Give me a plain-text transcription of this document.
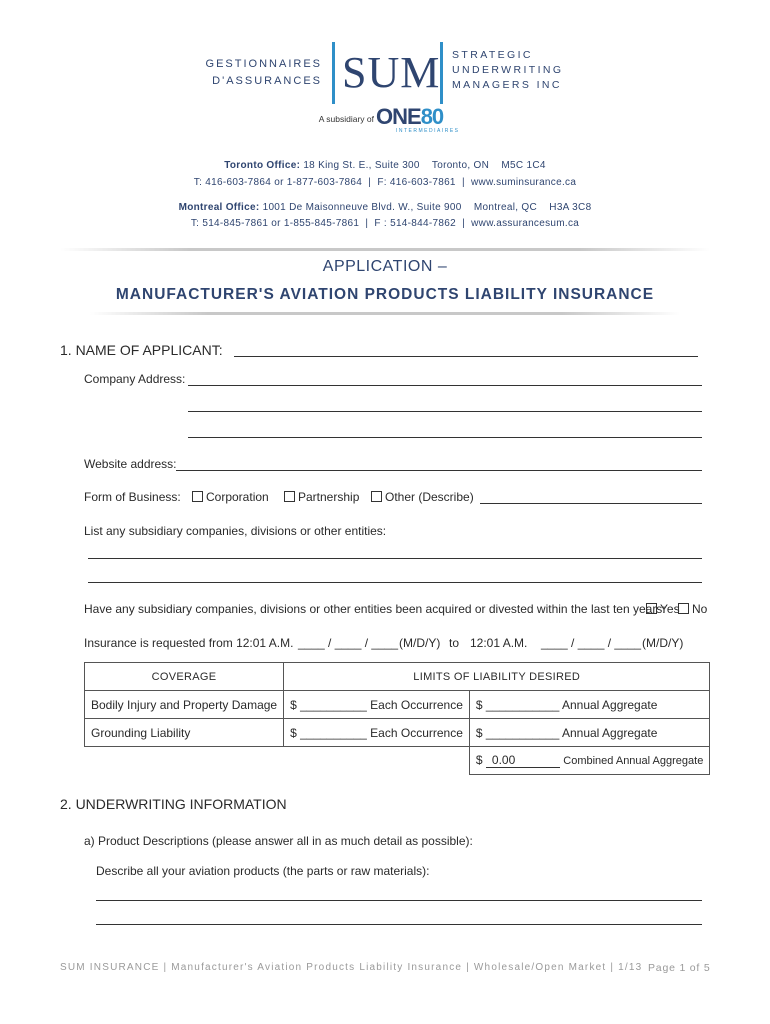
GESTIONNAIRES
D'ASSURANCES SUM STRATEGIC
UNDERWRITING
MANAGERS INC
A subsidiary of ONE80
INTERMEDIAIRES
Toronto Office: 18 King St. E., Suite 300    Toronto, ON    M5C 1C4
T: 416-603-7864 or 1-877-603-7864  |  F: 416-603-7861  |  www.suminsurance.ca
Montreal Office: 1001 De Maisonneuve Blvd. W., Suite 900    Montreal, QC    H3A 3C8
T: 514-845-7861 or 1-855-845-7861  |  F : 514-844-7862  |  www.assurancesum.ca
APPLICATION –
MANUFACTURER'S AVIATION PRODUCTS LIABILITY INSURANCE
1. NAME OF APPLICANT:
Company Address:
Website address:
Form of Business:	Corporation	Partnership	Other (Describe)
List any subsidiary companies, divisions or other entities:
Have any subsidiary companies, divisions or other entities been acquired or divested within the last ten years:
Yes	No
Insurance is requested from 12:01 A.M. ____ / ____ / ____ (M/D/Y) to 12:01 A.M. ____ / ____ / ____ (M/D/Y)
COVERAGE	LIMITS OF LIABILITY DESIRED	
Bodily Injury and Property Damage	$ __________ Each Occurrence	$ ___________ Annual Aggregate
Grounding Liability	$ __________ Each Occurrence	$ ___________ Annual Aggregate
		$ 0.00 Combined Annual Aggregate
2. UNDERWRITING INFORMATION
a) Product Descriptions (please answer all in as much detail as possible):
Describe all your aviation products (the parts or raw materials):
SUM INSURANCE | Manufacturer's Aviation Products Liability Insurance | Wholesale/Open Market | 1/13 Page 1 of 5
